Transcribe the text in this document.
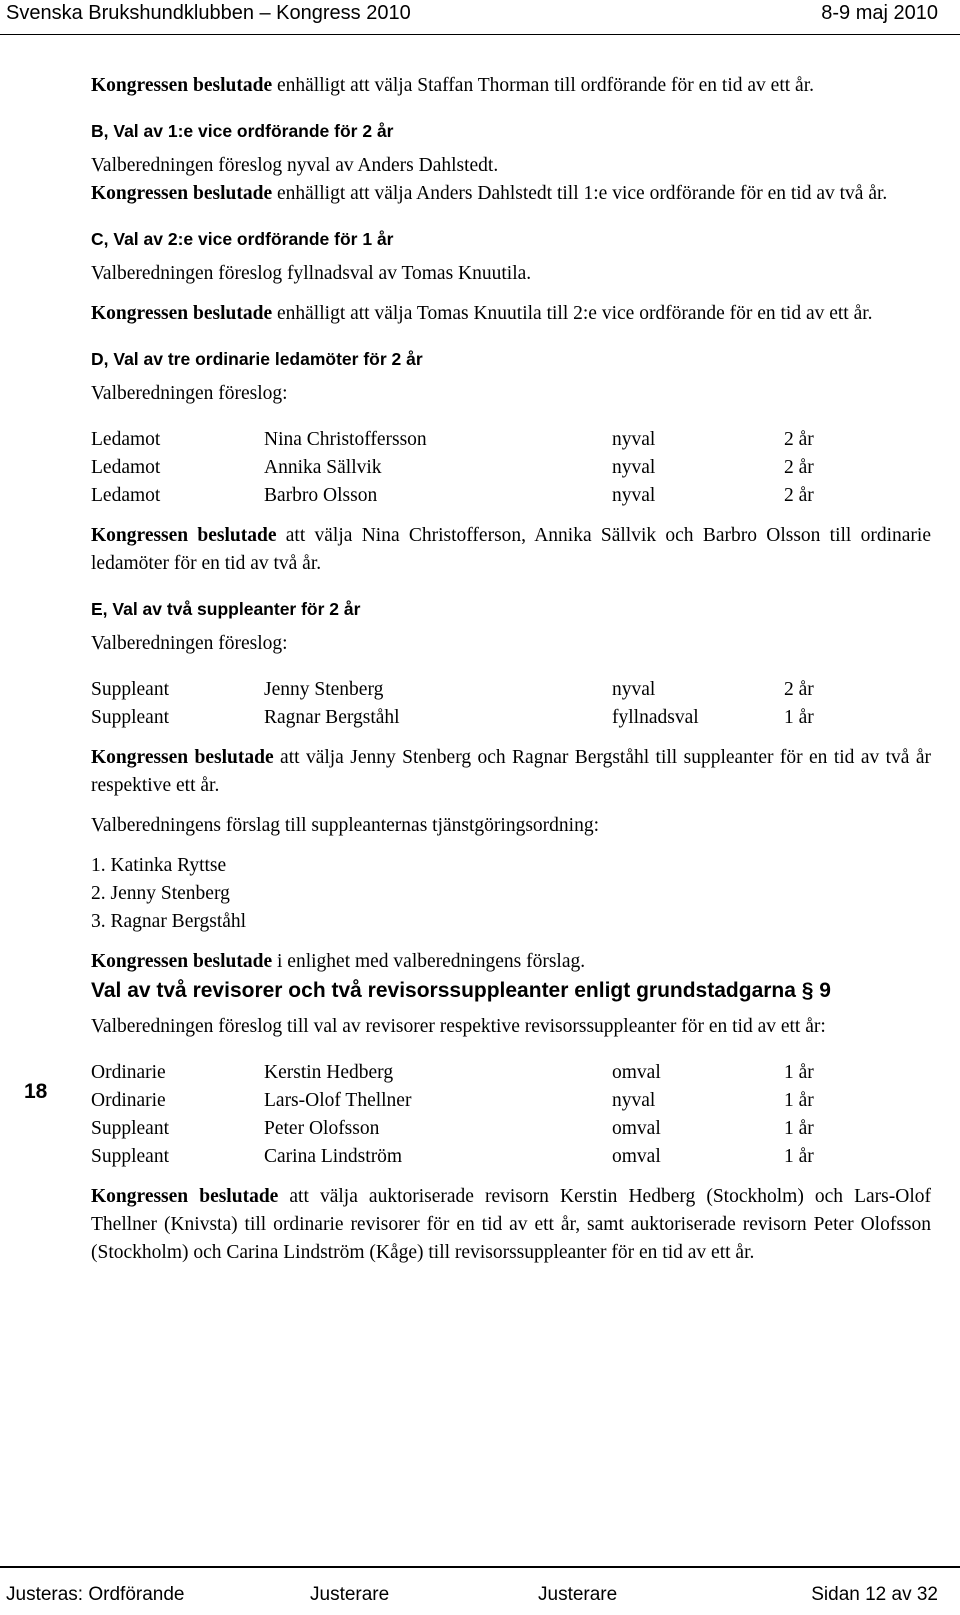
Svenska Brukshundklubben – Kongress 2010	8-9 maj 2010

Kongressen beslutade enhälligt att välja Staffan Thorman till ordförande för en tid av ett år.

B, Val av 1:e vice ordförande för 2 år

Valberedningen föreslog nyval av Anders Dahlstedt.

Kongressen beslutade enhälligt att välja Anders Dahlstedt till 1:e vice ordförande för en tid av två år.

C, Val av 2:e vice ordförande för 1 år

Valberedningen föreslog fyllnadsval av Tomas Knuutila.

Kongressen beslutade enhälligt att välja Tomas Knuutila till 2:e vice ordförande för en tid av ett år.

D, Val av tre ordinarie ledamöter för 2 år

Valberedningen föreslog:

Ledamot	Nina Christoffersson	nyval	2 år
Ledamot	Annika Sällvik	nyval	2 år
Ledamot	Barbro Olsson	nyval	2 år

Kongressen beslutade att välja Nina Christofferson, Annika Sällvik och Barbro Olsson till ordinarie ledamöter för en tid av två år.

E, Val av två suppleanter för 2 år

Valberedningen föreslog:

Suppleant	Jenny Stenberg	nyval	2 år
Suppleant	Ragnar Bergståhl	fyllnadsval	1 år

Kongressen beslutade att välja Jenny Stenberg och Ragnar Bergståhl till suppleanter för en tid av två år respektive ett år.

Valberedningens förslag till suppleanternas tjänstgöringsordning:

1. Katinka Ryttse

2. Jenny Stenberg

3. Ragnar Bergståhl

Kongressen beslutade i enlighet med valberedningens förslag.

Val av två revisorer och två revisorssuppleanter enligt grundstadgarna § 9

Valberedningen föreslog till val av revisorer respektive revisorssuppleanter för en tid av ett år:

Ordinarie	Kerstin Hedberg	omval	1 år
Ordinarie	Lars-Olof Thellner	nyval	1 år
Suppleant	Peter Olofsson	omval	1 år
Suppleant	Carina Lindström	omval	1 år

Kongressen beslutade att välja auktoriserade revisorn Kerstin Hedberg (Stockholm) och Lars-Olof Thellner (Knivsta) till ordinarie revisorer för en tid av ett år, samt auktoriserade revisorn Peter Olofsson (Stockholm) och Carina Lindström (Kåge) till revisorssuppleanter för en tid av ett år.

18
Justeras: Ordförande	Justerare	Justerare	Sidan 12 av 32
